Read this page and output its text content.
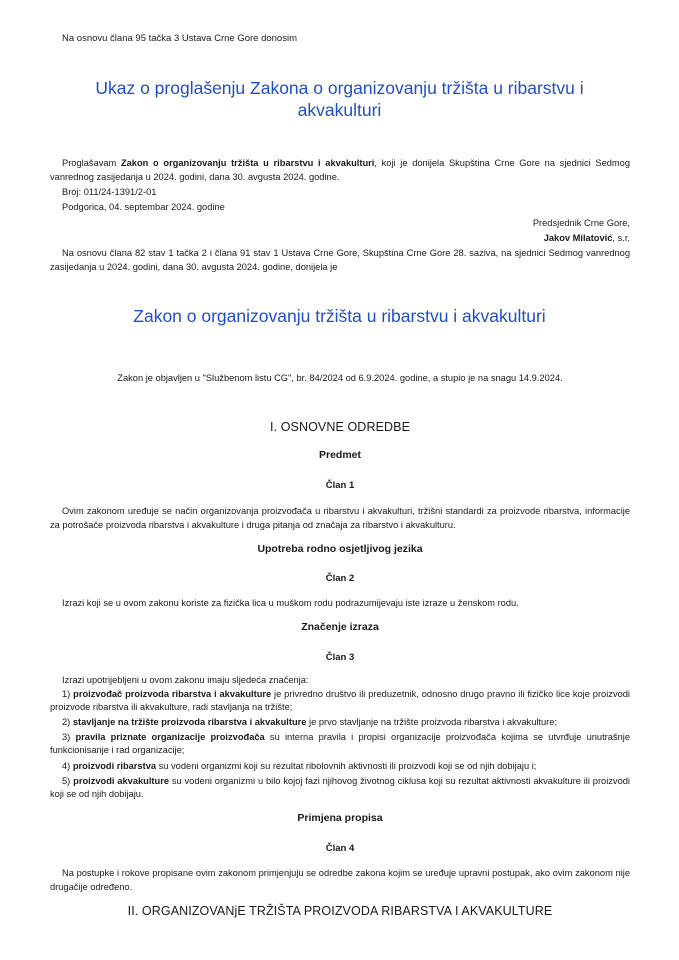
Na osnovu člana 95 tačka 3 Ustava Crne Gore donosim
Ukaz o proglašenju Zakona o organizovanju tržišta u ribarstvu i
akvakulturi
Proglašavam Zakon o organizovanju tržišta u ribarstvu i akvakulturi, koji je donijela Skupština Crne Gore na sjednici Sedmog vanrednog zasijedanja u 2024. godini, dana 30. avgusta 2024. godine.
Broj: 011/24-1391/2-01
Podgorica, 04. septembar 2024. godine
Predsjednik Crne Gore,
Jakov Milatović, s.r.
Na osnovu člana 82 stav 1 tačka 2 i člana 91 stav 1 Ustava Crne Gore, Skupština Crne Gore 28. saziva, na sjednici Sedmog vanrednog zasijedanja u 2024. godini, dana 30. avgusta 2024. godine, donijela je
Zakon o organizovanju tržišta u ribarstvu i akvakulturi
Zakon je objavljen u "Službenom listu CG", br. 84/2024 od 6.9.2024. godine, a stupio je na snagu 14.9.2024.
I. OSNOVNE ODREDBE
Predmet
Član 1
Ovim zakonom uređuje se način organizovanja proizvođača u ribarstvu i akvakulturi, tržišni standardi za proizvode ribarstva, informacije za potrošače proizvoda ribarstva i akvakulture i druga pitanja od značaja za ribarstvo i akvakulturu.
Upotreba rodno osjetljivog jezika
Član 2
Izrazi koji se u ovom zakonu koriste za fizička lica u muškom rodu podrazumijevaju iste izraze u ženskom rodu.
Značenje izraza
Član 3
Izrazi upotrijebljeni u ovom zakonu imaju sljedeća značenja:
1) proizvođač proizvoda ribarstva i akvakulture je privredno društvo ili preduzetnik, odnosno drugo pravno ili fizičko lice koje proizvodi proizvode ribarstva ili akvakulture, radi stavljanja na tržište;
2) stavljanje na tržište proizvoda ribarstva i akvakulture je prvo stavljanje na tržište proizvoda ribarstva i akvakulture;
3) pravila priznate organizacije proizvođača su interna pravila i propisi organizacije proizvođača kojima se utvrđuje unutrašnje funkcionisanje i rad organizacije;
4) proizvodi ribarstva su vodeni organizmi koji su rezultat ribolovnih aktivnosti ili proizvodi koji se od njih dobijaju i;
5) proizvodi akvakulture su vodeni organizmi u bilo kojoj fazi njihovog životnog ciklusa koji su rezultat aktivnosti akvakulture ili proizvodi koji se od njih dobijaju.
Primjena propisa
Član 4
Na postupke i rokove propisane ovim zakonom primjenjuju se odredbe zakona kojim se uređuje upravni postupak, ako ovim zakonom nije drugačije određeno.
II. ORGANIZOVANjE TRŽIŠTA PROIZVODA RIBARSTVA I AKVAKULTURE
